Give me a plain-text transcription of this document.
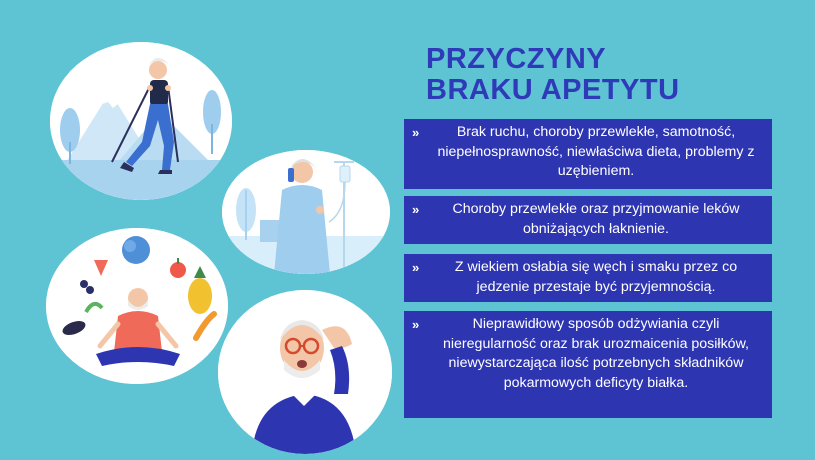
PRZYCZYNY
BRAKU APETYTU
»	Brak ruchu, choroby przewlekłe, samotność, niepełnosprawność, niewłaściwa dieta, problemy z uzębieniem.
»	Choroby przewlekłe oraz przyjmowanie leków obniżających łaknienie.
»	Z wiekiem osłabia się węch i smaku przez co jedzenie przestaje być przyjemnością.
»	Nieprawidłowy sposób odżywiania czyli nieregularność oraz brak urozmaicenia posiłków, niewystarczająca ilość potrzebnych składników pokarmowych deficyty białka.
